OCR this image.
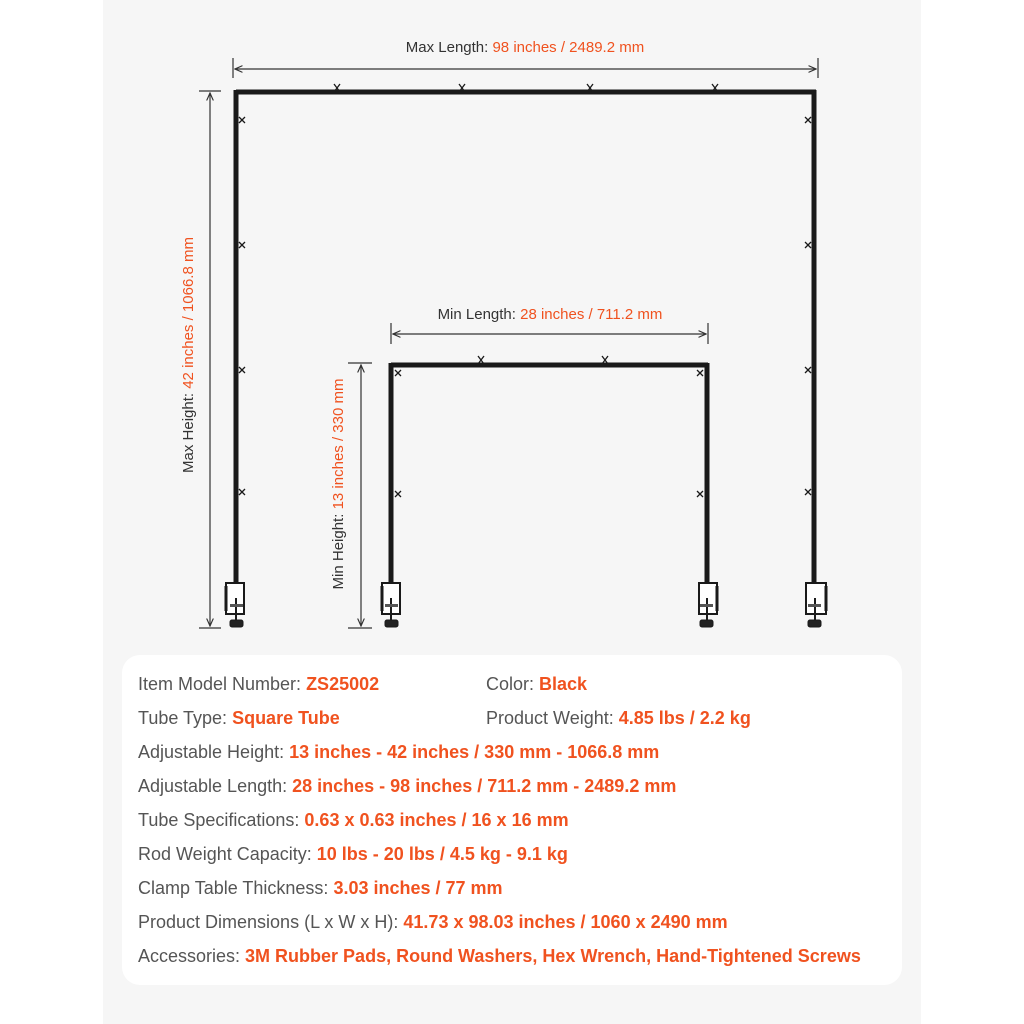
Max Length: 98 inches / 2489.2 mm
Max Height: 42 inches / 1066.8 mm	Min Length: 28 inches / 711.2 mm
Min Height: 13 inches / 330 mm
Item Model Number: ZS25002	Color: Black
Tube Type: Square Tube	Product Weight: 4.85 lbs / 2.2 kg
Adjustable Height: 13 inches - 42 inches / 330 mm - 1066.8 mm
Adjustable Length: 28 inches - 98 inches / 711.2 mm - 2489.2 mm
Tube Specifications: 0.63 x 0.63 inches / 16 x 16 mm
Rod Weight Capacity: 10 lbs - 20 lbs / 4.5 kg - 9.1 kg
Clamp Table Thickness: 3.03 inches / 77 mm
Product Dimensions (L x W x H): 41.73 x 98.03 inches / 1060 x 2490 mm
Accessories: 3M Rubber Pads, Round Washers, Hex Wrench, Hand-Tightened Screws
